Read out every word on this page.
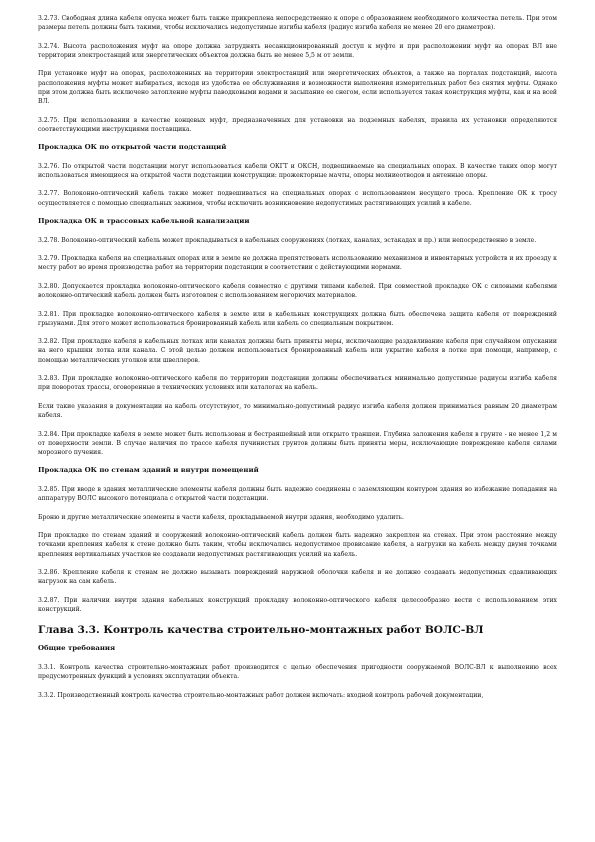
3.2.73. Свободная длина кабеля опуска может быть также прикреплена непосредственно к опоре с образованием необходимого количества петель. При этом размеры петель должны быть такими, чтобы исключались недопустимые изгибы кабеля (радиус изгиба кабеля не менее 20 его диаметров).

3.2.74. Высота расположения муфт на опоре должна затруднять несанкционированный доступ к муфте и при расположении муфт на опорах ВЛ вне территории электростанций или энергетических объектов должна быть не менее 5,5 м от земли.

При установке муфт на опорах, расположенных на территории электростанций или энергетических объектов, а также на порталах подстанций, высота расположения муфты может выбираться, исходя из удобства ее обслуживания и возможности выполнения измерительных работ без снятия муфты. Однако при этом должна быть исключено затопление муфты паводковыми водами и засыпание ее снегом, если используется такая конструкция муфты, как и на всей ВЛ.

3.2.75. При использовании в качестве концевых муфт, предназначенных для установки на подземных кабелях, правила их установки определяются соответствующими инструкциями поставщика.

Прокладка ОК по открытой части подстанций

3.2.76. По открытой части подстанции могут использоваться кабели ОКГТ и ОКСН, подвешиваемые на специальных опорах. В качестве таких опор могут использоваться имеющиеся на открытой части подстанции конструкции: прожекторные мачты, опоры молниеотводов и антенные опоры.

3.2.77. Волоконно-оптический кабель также может подвешиваться на специальных опорах с использованием несущего троса. Крепление ОК к тросу осуществляется с помощью специальных зажимов, чтобы исключить возникновение недопустимых растягивающих усилий в кабеле.

Прокладка ОК в трассовых кабельной канализации

3.2.78. Волоконно-оптический кабель может прокладываться в кабельных сооружениях (лотках, каналах, эстакадах и пр.) или непосредственно в земле.

3.2.79. Прокладка кабеля на специальных опорах или в земле не должна препятствовать использованию механизмов и инвентарных устройств и их проезду к месту работ во время производства работ на территории подстанции в соответствии с действующими нормами.

3.2.80. Допускается прокладка волоконно-оптического кабеля совместно с другими типами кабелей. При совместной прокладке ОК с силовыми кабелями волоконно-оптический кабель должен быть изготовлен с использованием негорючих материалов.

3.2.81. При прокладке волоконно-оптического кабеля в земле или в кабельных конструкциях должна быть обеспечена защита кабеля от повреждений грызунами. Для этого может использоваться бронированный кабель или кабель со специальным покрытием.

3.2.82. При прокладке кабеля в кабельных лотках или каналах должны быть приняты меры, исключающие раздавливание кабеля при случайном опускании на него крышки лотка или канала. С этой целью должен использоваться бронированный кабель или укрытие кабеля в лотке при помощи, например, с помощью металлических уголков или швеллеров.

3.2.83. При прокладке волоконно-оптического кабеля по территории подстанции должны обеспечиваться минимально допустимые радиусы изгиба кабеля при поворотах трассы, оговоренные в технических условиях или каталогах на кабель.

Если такие указания в документации на кабель отсутствуют, то минимально-допустимый радиус изгиба кабеля должен приниматься равным 20 диаметрам кабеля.

3.2.84. При прокладке кабеля в земле может быть использован и бестраншейный или открыто траншеи. Глубина заложения кабеля в грунте - не менее 1,2 м от поверхности земли. В случае наличия по трассе кабеля пучинистых грунтов должны быть приняты меры, исключающие повреждение кабеля силами морозного пучения.

Прокладка ОК по стенам зданий и внутри помещений

3.2.85. При вводе в здания металлические элементы кабеля должны быть надежно соединены с заземляющим контуром здания во избежание попадания на аппаратуру ВОЛС высокого потенциала с открытой части подстанции.

Броню и другие металлические элементы в части кабеля, прокладываемой внутри здания, необходимо удалить.

При прокладке по стенам зданий и сооружений волоконно-оптический кабель должен быть надежно закреплен на стенах. При этом расстояние между точками крепления кабеля к стене должно быть таким, чтобы исключались недопустимое провисание кабеля, а нагрузки на кабель между двумя точками крепления вертикальных участков не создавали недопустимых растягивающих усилий на кабель.

3.2.86. Крепление кабеля к стенам не должно вызывать повреждений наружной оболочки кабеля и не должно создавать недопустимых сдавливающих нагрузок на сам кабель.

3.2.87. При наличии внутри здания кабельных конструкций прокладку волоконно-оптического кабеля целесообразно вести с использованием этих конструкций.

Глава 3.3. Контроль качества строительно-монтажных работ ВОЛС-ВЛ
Общие требования

3.3.1. Контроль качества строительно-монтажных работ производится с целью обеспечения пригодности сооружаемой ВОЛС-ВЛ к выполнению всех предусмотренных функций в условиях эксплуатации объекта.

3.3.2. Производственный контроль качества строительно-монтажных работ должен включать: входной контроль рабочей документации,
